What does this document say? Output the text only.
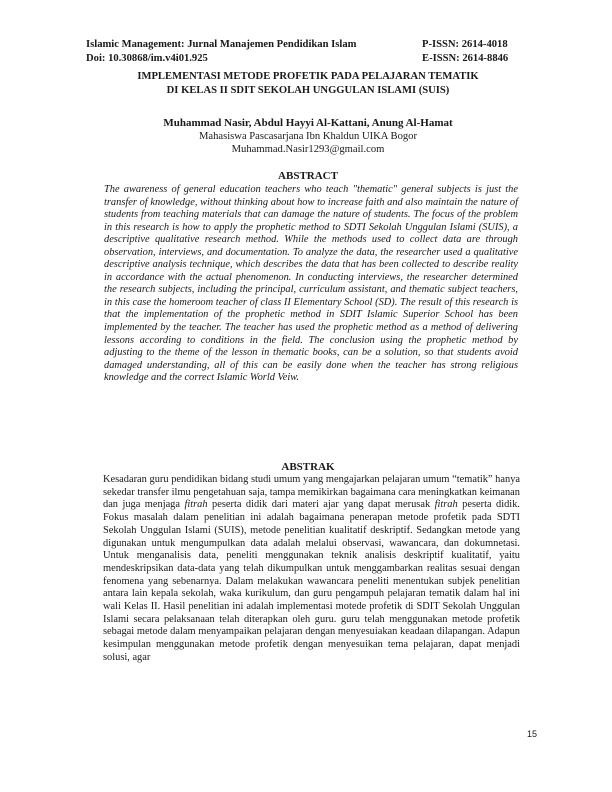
Islamic Management: Jurnal Manajemen Pendidikan Islam	P-ISSN: 2614-4018
Doi: 10.30868/im.v4i01.925	E-ISSN: 2614-8846
IMPLEMENTASI METODE PROFETIK PADA PELAJARAN TEMATIK
DI KELAS II SDIT SEKOLAH UNGGULAN ISLAMI (SUIS)
Muhammad Nasir, Abdul Hayyi Al-Kattani, Anung Al-Hamat
Mahasiswa Pascasarjana Ibn Khaldun UIKA Bogor
Muhammad.Nasir1293@gmail.com
ABSTRACT

The awareness of general education teachers who teach "thematic" general subjects is just the transfer of knowledge, without thinking about how to increase faith and also maintain the nature of students from teaching materials that can damage the nature of students. The focus of the problem in this research is how to apply the prophetic method to SDTI Sekolah Unggulan Islami (SUIS), a descriptive qualitative research method. While the methods used to collect data are through observation, interviews, and documentation. To analyze the data, the researcher used a qualitative descriptive analysis technique, which describes the data that has been collected to describe reality in accordance with the actual phenomenon. In conducting interviews, the researcher determined the research subjects, including the principal, curriculum assistant, and thematic subject teachers, in this case the homeroom teacher of class II Elementary School (SD). The result of this research is that the implementation of the prophetic method in SDIT Islamic Superior School has been implemented by the teacher. The teacher has used the prophetic method as a method of delivering lessons according to conditions in the field. The conclusion using the prophetic method by adjusting to the theme of the lesson in thematic books, can be a solution, so that students avoid damaged understanding, all of this can be easily done when the teacher has strong religious knowledge and the correct Islamic World Veiw.

ABSTRAK

Kesadaran guru pendidikan bidang studi umum yang mengajarkan pelajaran umum “tematik” hanya sekedar transfer ilmu pengetahuan saja, tampa memikirkan bagaimana cara meningkatkan keimanan dan juga menjaga fitrah peserta didik dari materi ajar yang dapat merusak fitrah peserta didik. Fokus masalah dalam penelitian ini adalah bagaimana penerapan metode profetik pada SDTI Sekolah Unggulan Islami (SUIS), metode penelitian kualitatif deskriptif. Sedangkan metode yang digunakan untuk mengumpulkan data adalah melalui observasi, wawancara, dan dokumnetasi. Untuk menganalisis data, peneliti menggunakan teknik analisis deskriptif kualitatif, yaitu mendeskripsikan data-data yang telah dikumpulkan untuk menggambarkan realitas sesuai dengan fenomena yang sebenarnya. Dalam melakukan wawancara peneliti menentukan subjek penelitian antara lain kepala sekolah, waka kurikulum, dan guru pengampuh pelajaran tematik dalam hal ini wali Kelas II. Hasil penelitian ini adalah implementasi motede profetik di SDIT Sekolah Unggulan Islami secara pelaksanaan telah diterapkan oleh guru. guru telah menggunakan metode profetik sebagai metode dalam menyampaikan pelajaran dengan menyesuiakan keadaan dilapangan. Adapun kesimpulan menggunakan metode profetik dengan menyesuikan tema pelajaran, dapat menjadi solusi, agar

15
